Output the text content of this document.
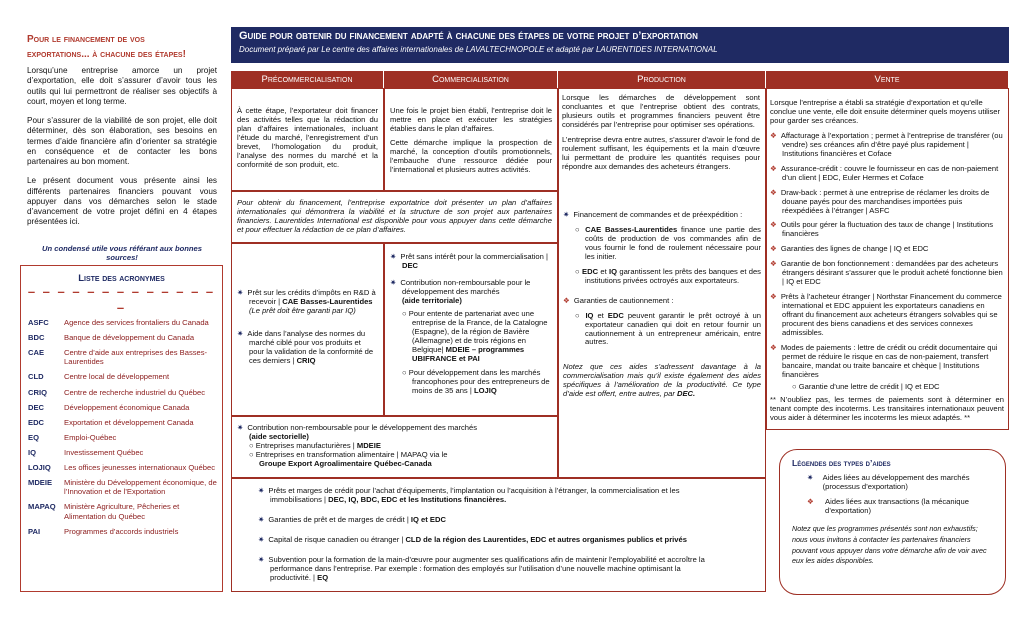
Pour le financement de vos
exportations... à chacune des étapes!

Lorsqu’une entreprise amorce un projet d’exportation, elle doit s’assurer d’avoir tous les outils qui lui permettront de réaliser ses objectifs à court, moyen et long terme.

Pour s’assurer de la viabilité de son projet, elle doit déterminer, dès son élaboration, ses besoins en termes d’aide financière afin d’orienter sa stratégie en conséquence et de contacter les bons partenaires au bon moment.

Le présent document vous présente ainsi les différents partenaires financiers pouvant vous appuyer dans vos démarches selon le stade d’avancement de votre projet défini en 4 étapes présentées ici.

Un condensé utile vous référant aux bonnes sources!
Liste des acronymes
– – – – – – – – – – – – – –
ASFC	Agence des services frontaliers du Canada
BDC	Banque de développement du Canada
CAE	Centre d’aide aux entreprises des Basses-Laurentides
CLD	Centre local de développement
CRIQ	Centre de recherche industriel du Québec
DEC	Développement économique Canada
EDC	Exportation et développement Canada
EQ	Emploi-Québec
IQ	Investissement Québec
LOJIQ	Les offices jeunesses internationaux Québec
MDEIE	Ministère du Développement économique, de l’Innovation et de l’Exportation
MAPAQ	Ministère Agriculture, Pêcheries et Alimentation du Québec
PAI	Programmes d’accords industriels
Guide pour obtenir du financement adapté à chacune des étapes de votre projet d’exportation
Document préparé par Le centre des affaires internationales de LAVALTECHNOPOLE et adapté par LAURENTIDES INTERNATIONAL
Précommercialisation	Commercialisation	Production	Vente
À cette étape, l’exportateur doit financer des activités telles que la rédaction du plan d’affaires internationales, incluant l’étude du marché, l’enregistrement d’un brevet, l’homologation du produit, l’analyse des normes du marché et la conformité de son produit, etc.
Une fois le projet bien établi, l’entreprise doit le mettre en place et exécuter les stratégies établies dans le plan d’affaires.
Cette démarche implique la prospection de marché, la conception d’outils promotionnels, l’embauche d’une ressource dédiée pour l’international et plusieurs autres activités.
Lorsque les démarches de développement sont concluantes et que l’entreprise obtient des contrats, plusieurs outils et programmes financiers peuvent être considérés par l’entreprise pour optimiser ses opérations.
L’entreprise devra entre autres, s’assurer d’avoir le fond de roulement suffisant, les équipements et la main d’œuvre lui permettant de produire les quantités requises pour répondre aux demandes des acheteurs étrangers.
✷ Financement de commandes et de préexpédition :
○ CAE Basses-Laurentides finance une partie des coûts de production de vos commandes afin de vous fournir le fond de roulement nécessaire pour les initier.
○ EDC et IQ garantissent les prêts des banques et des institutions privées octroyés aux exportateurs.
❖ Garanties de cautionnement :
○ IQ et EDC peuvent garantir le prêt octroyé à un exportateur canadien qui doit en retour fournir un cautionnement à un entrepreneur américain, entre autres.
Notez que ces aides s’adressent davantage à la commercialisation mais qu’il existe également des aides spécifiques à l’amélioration de la productivité. Ce type d’aide est offert, entre autres, par DEC.
Lorsque l’entreprise a établi sa stratégie d’exportation et qu’elle conclue une vente, elle doit ensuite déterminer quels moyens utiliser pour garder ses créances.
❖ Affacturage à l’exportation ; permet à l’entreprise de transférer (ou vendre) ses créances afin d’être payé plus rapidement | Institutions financières et Coface
❖ Assurance-crédit : couvre le fournisseur en cas de non-paiement d’un client | EDC, Euler Hermes et Coface
❖ Draw-back : permet à une entreprise de réclamer les droits de douane payés pour des marchandises importées puis réexpédiées à l’étranger | ASFC
❖ Outils pour gérer la fluctuation des taux de change | Institutions financières
❖ Garanties des lignes de change | IQ et EDC
❖ Garantie de bon fonctionnement : demandées par des acheteurs étrangers désirant s’assurer que le produit acheté fonctionne bien | IQ et EDC
❖ Prêts à l’acheteur étranger | Northstar Financement du commerce international et EDC appuient les exportateurs canadiens en offrant du financement aux acheteurs étrangers solvables qui se procurent des biens canadiens et des services connexes admissibles.
❖ Modes de paiements : lettre de crédit ou crédit documentaire qui permet de réduire le risque en cas de non-paiement, transfert bancaire, mandat ou traite bancaire et chèque | Institutions financières
○ Garantie d’une lettre de crédit | IQ et EDC
** N’oubliez pas, les termes de paiements sont à déterminer en tenant compte des incoterms. Les transitaires internationaux peuvent vous aider à déterminer les incoterms les mieux adaptés. **
Pour obtenir du financement, l’entreprise exportatrice doit présenter un plan d’affaires internationales qui démontrera la viabilité et la structure de son projet aux partenaires financiers. Laurentides International est disponible pour vous appuyer dans cette démarche et pour effectuer la rédaction de ce plan d’affaires.
✷ Prêt sur les crédits d’impôts en R&D à recevoir | CAE Basses-Laurentides
(Le prêt doit être garanti par IQ)
✷ Aide dans l’analyse des normes du marché ciblé pour vos produits et pour la validation de la conformité de ces derniers | CRIQ
✷ Prêt sans intérêt pour la commercialisation | DEC
✷ Contribution non-remboursable pour le développement des marchés
(aide territoriale)
○ Pour entente de partenariat avec une entreprise de la France, de la Catalogne (Espagne), de la région de Bavière (Allemagne) et de trois régions en Belgique| MDEIE – programmes UBIFRANCE et PAI
○ Pour développement dans les marchés francophones pour des entrepreneurs de moins de 35 ans | LOJIQ
✷ Contribution non-remboursable pour le développement des marchés
(aide sectorielle)
○ Entreprises manufacturières | MDEIE
○ Entreprises en transformation alimentaire | MAPAQ via le
Groupe Export Agroalimentaire Québec-Canada
✷ Prêts et marges de crédit pour l’achat d’équipements, l’implantation ou l’acquisition à l’étranger, la commercialisation et les immobilisations | DEC, IQ, BDC, EDC et les Institutions financières.
✷ Garanties de prêt et de marges de crédit | IQ et EDC
✷ Capital de risque canadien ou étranger | CLD de la région des Laurentides, EDC et autres organismes publics et privés
✷ Subvention pour la formation de la main-d’œuvre pour augmenter ses qualifications afin de maintenir l’employabilité et accroître la performance dans l’entreprise. Par exemple : formation des employés sur l’utilisation d’une nouvelle machine optimisant la productivité. | EQ
Légendes des types d’aides
✷	Aides liées au développement des marchés (processus d’exportation)
❖	Aides liées aux transactions (la mécanique d’exportation)
Notez que les programmes présentés sont non exhaustifs; nous vous invitons à contacter les partenaires financiers pouvant vous appuyer dans votre démarche afin de voir avec eux les aides disponibles.
